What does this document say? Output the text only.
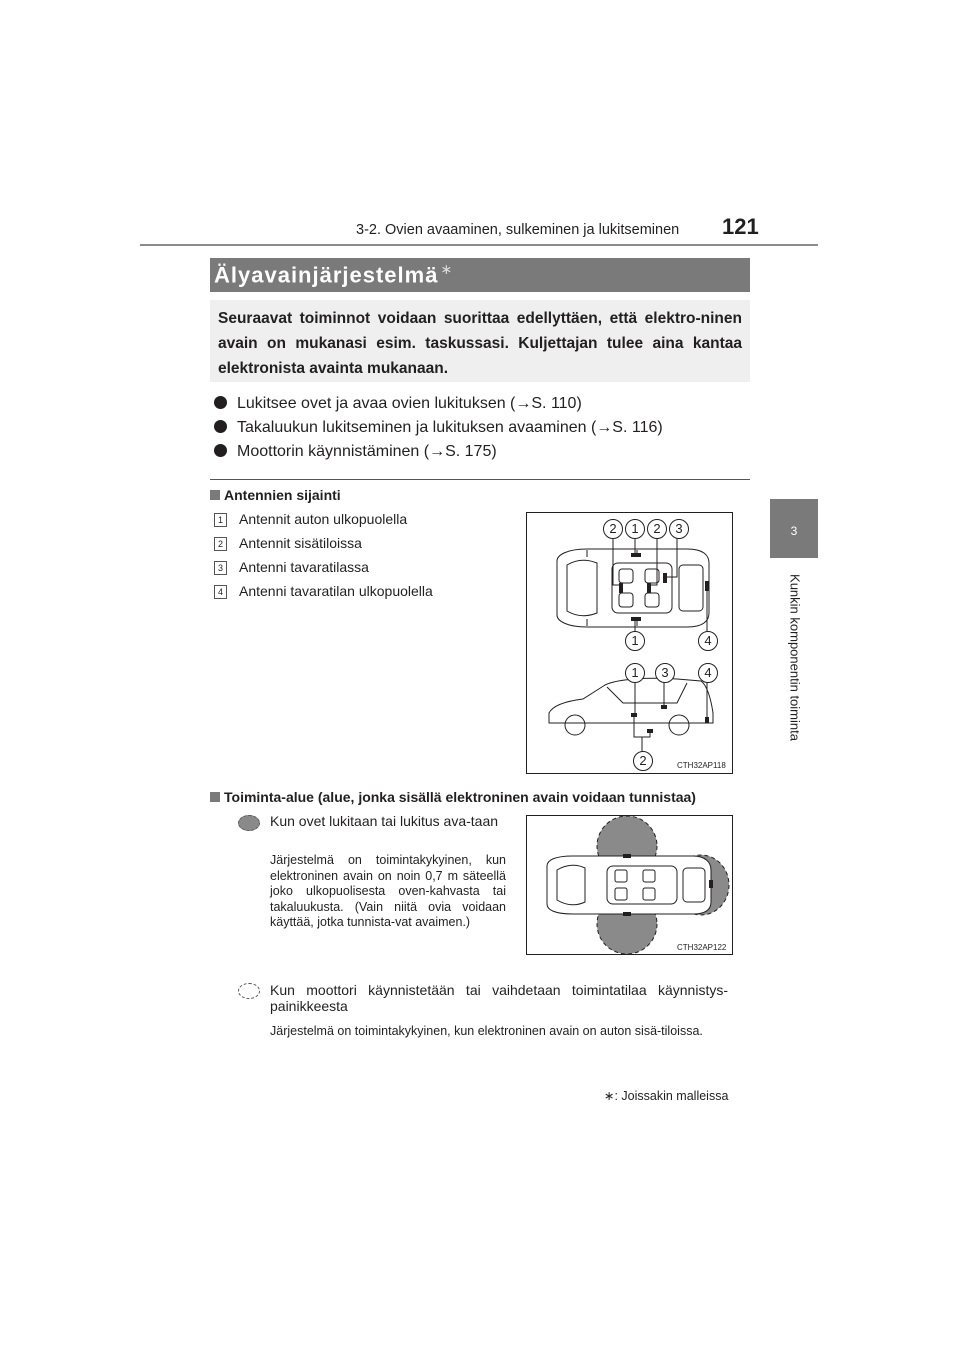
3-2. Ovien avaaminen, sulkeminen ja lukitseminen 121
3
Kunkin komponentin toiminta
Älyavainjärjestelmä ∗
Seuraavat toiminnot voidaan suorittaa edellyttäen, että elektro-ninen avain on mukanasi esim. taskussasi. Kuljettajan tulee aina kantaa elektronista avainta mukanaan.
Lukitsee ovet ja avaa ovien lukituksen (→S. 110)
Takaluukun lukitseminen ja lukituksen avaaminen (→S. 116)
Moottorin käynnistäminen (→S. 175)
Antennien sijainti
1 Antennit auton ulkopuolella
2 Antennit sisätiloissa
3 Antenni tavaratilassa
4 Antenni tavaratilan ulkopuolella
2	1	2	3
1	4
1	3	4
2	CTH32AP118
Toiminta-alue (alue, jonka sisällä elektroninen avain voidaan tunnistaa)
Kun ovet lukitaan tai lukitus ava-taan
Järjestelmä on toimintakykyinen, kun elektroninen avain on noin 0,7 m säteellä joko ulkopuolisesta oven-kahvasta tai takaluukusta. (Vain niitä ovia voidaan käyttää, jotka tunnista-vat avaimen.)
CTH32AP122
Kun moottori käynnistetään tai vaihdetaan toimintatilaa käynnistys-painikkeesta
Järjestelmä on toimintakykyinen, kun elektroninen avain on auton sisä-tiloissa.
∗: Joissakin malleissa
